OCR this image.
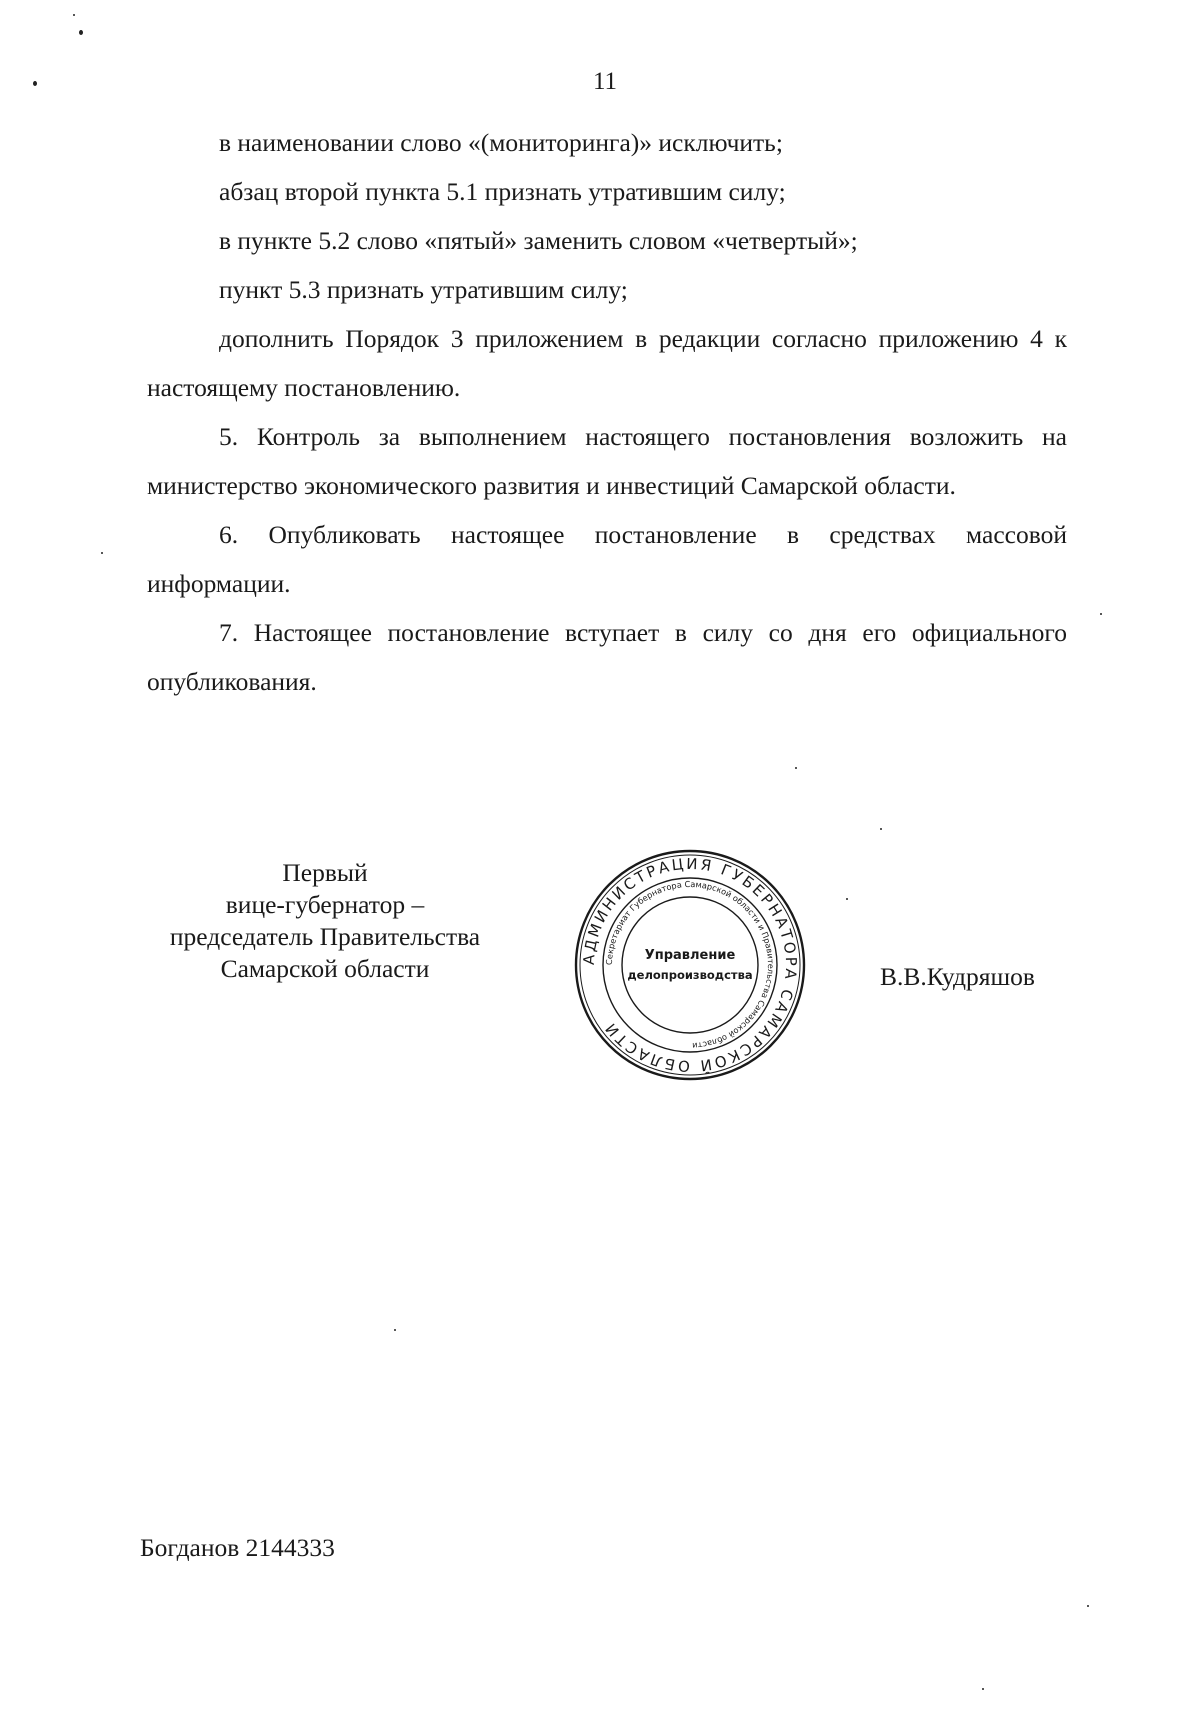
11

в наименовании слово «(мониторинга)» исключить;

абзац второй пункта 5.1 признать утратившим силу;

в пункте 5.2 слово «пятый» заменить словом «четвертый»;

пункт 5.3 признать утратившим силу;

дополнить Порядок 3 приложением в редакции согласно приложению 4 к настоящему постановлению.

5. Контроль за выполнением настоящего постановления возложить на министерство экономического развития и инвестиций Самарской области.

6. Опубликовать настоящее постановление в средствах массовой информации.

7. Настоящее постановление вступает в силу со дня его официального опубликования.

Первый
вице-губернатор –
председатель Правительства
Самарской области	АДМИНИСТРАЦИЯ ГУБЕРНАТОРА САМАРСКОЙ ОБЛАСТИ
Секретариат Губернатора Самарской области и Правительства Самарской области
Управление
делопроизводства	В.В.Кудряшов
Богданов 2144333
